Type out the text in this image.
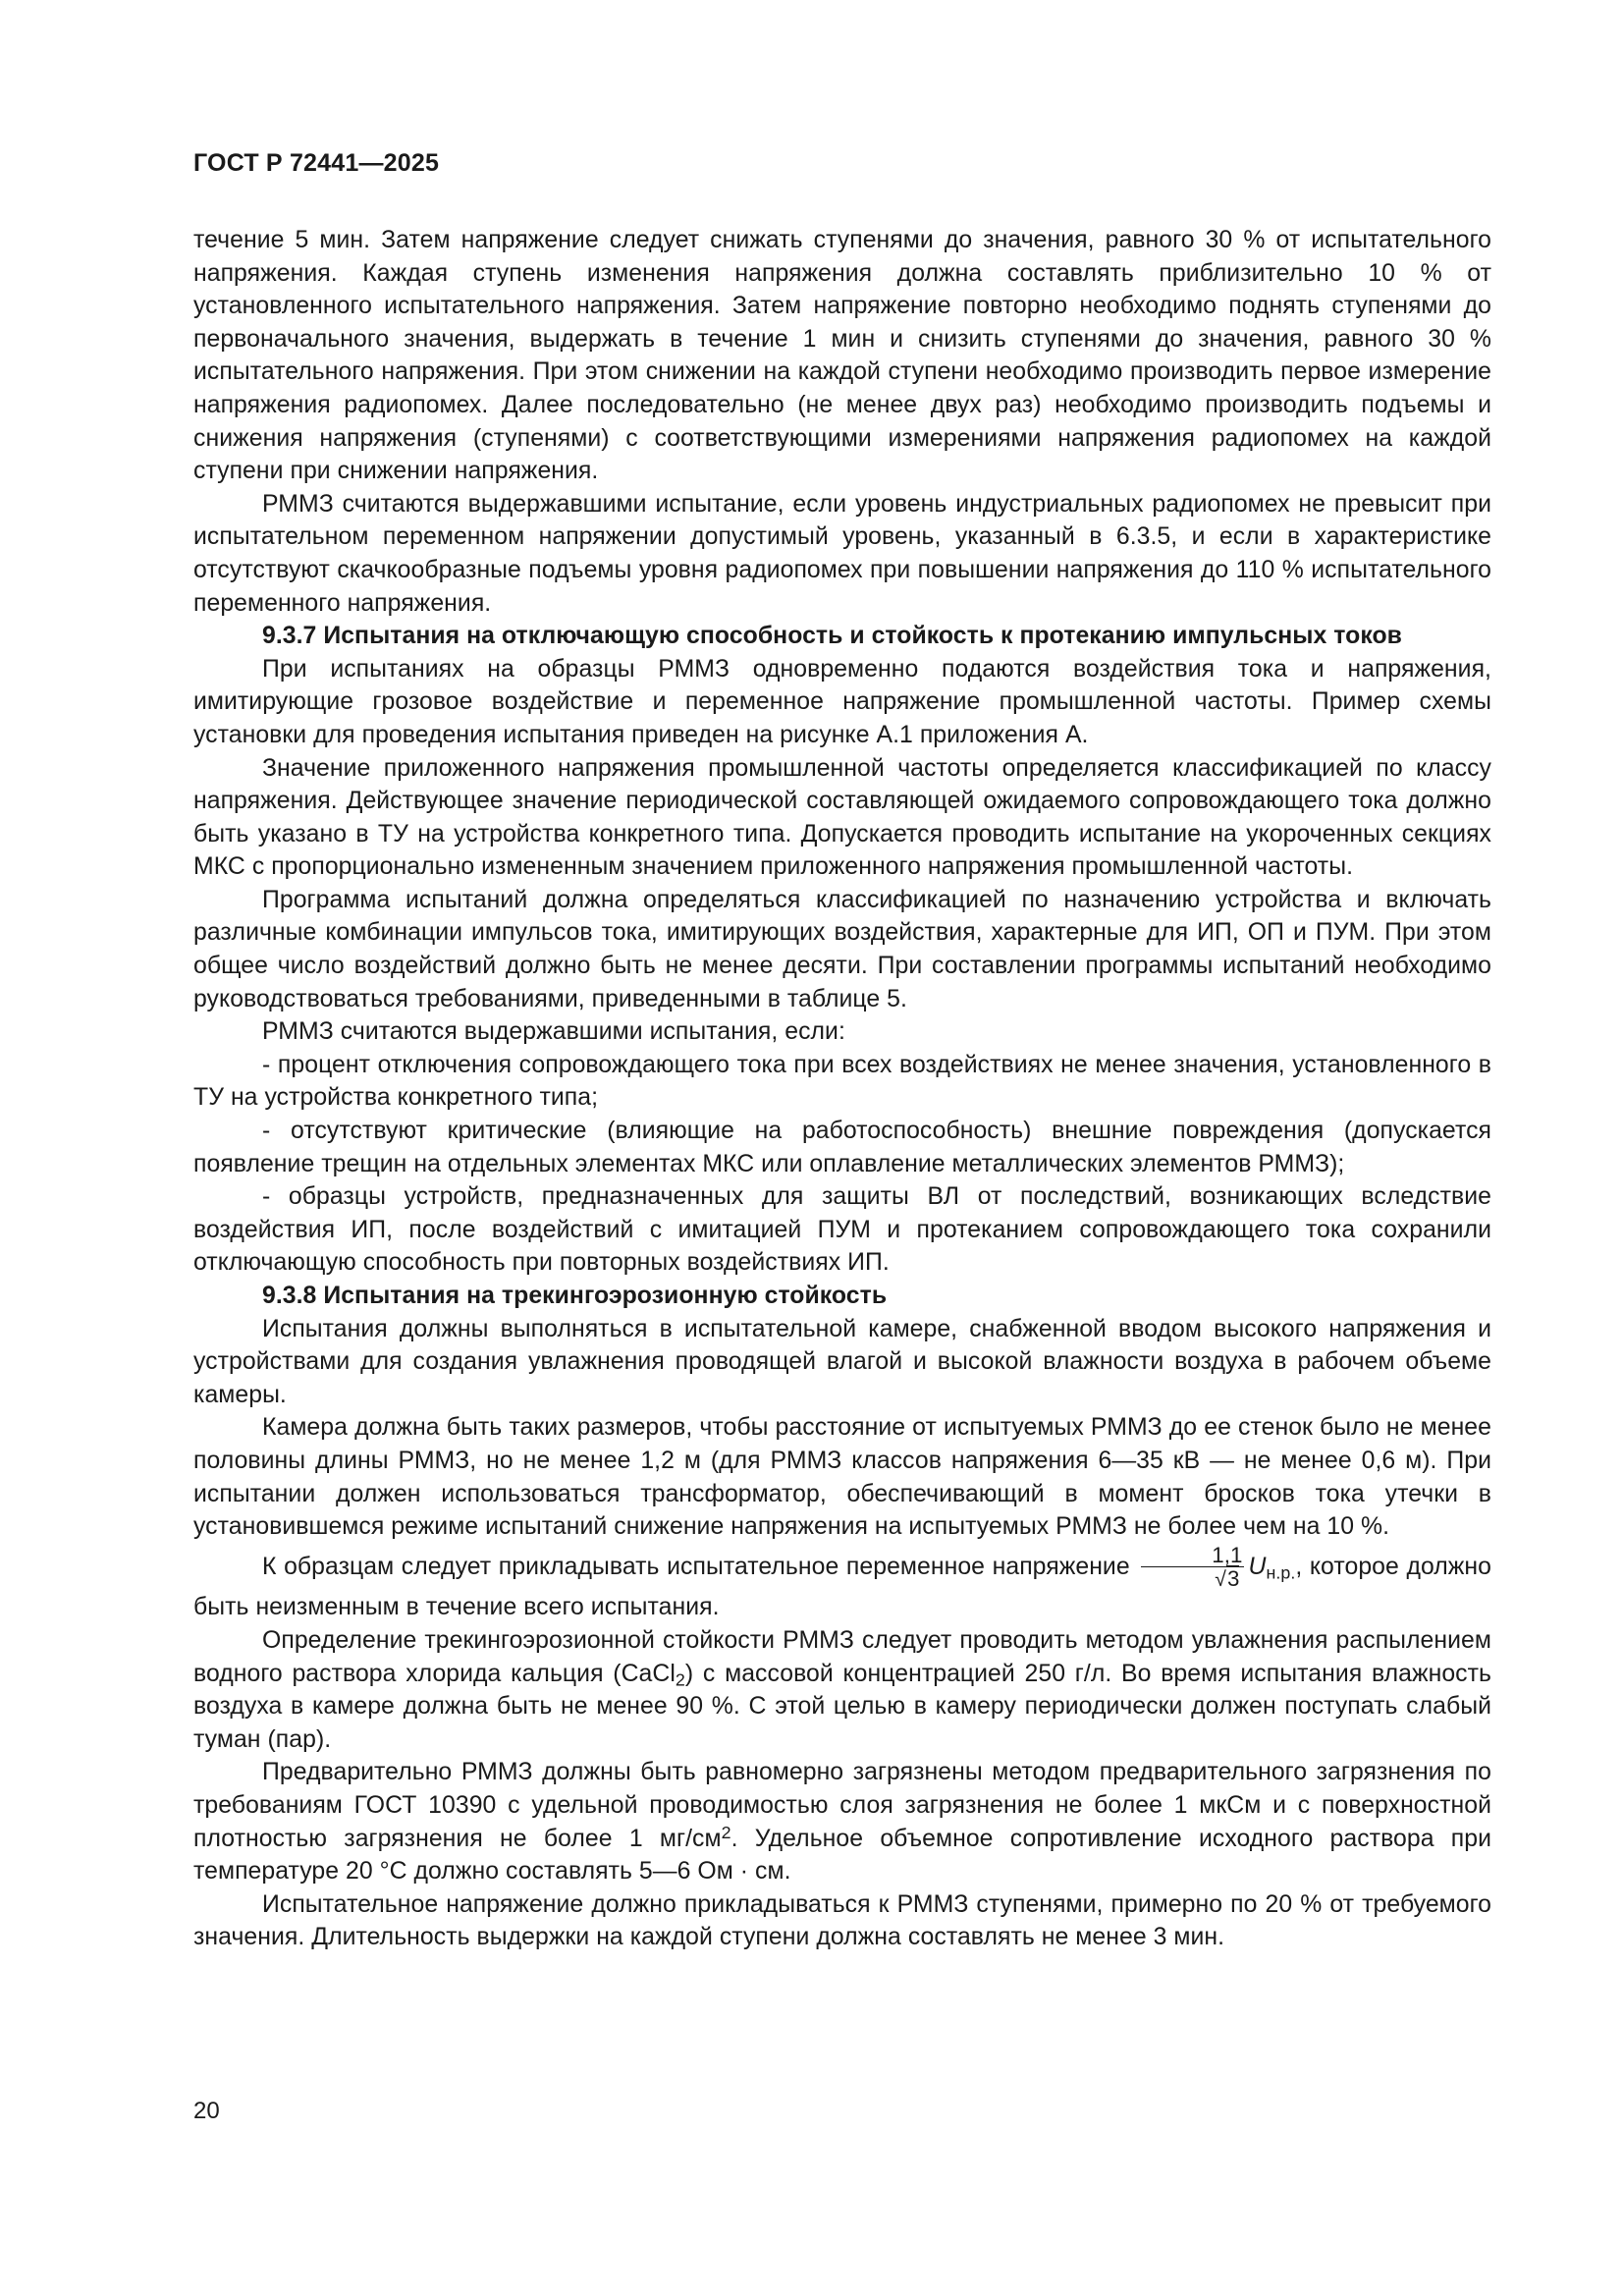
ГОСТ Р 72441—2025

течение 5 мин. Затем напряжение следует снижать ступенями до значения, равного 30 % от испытательного напряжения. Каждая ступень изменения напряжения должна составлять приблизительно 10 % от установленного испытательного напряжения. Затем напряжение повторно необходимо поднять ступенями до первоначального значения, выдержать в течение 1 мин и снизить ступенями до значения, равного 30 % испытательного напряжения. При этом снижении на каждой ступени необходимо производить первое измерение напряжения радиопомех. Далее последовательно (не менее двух раз) необходимо производить подъемы и снижения напряжения (ступенями) с соответствующими измерениями напряжения радиопомех на каждой ступени при снижении напряжения.

РММЗ считаются выдержавшими испытание, если уровень индустриальных радиопомех не превысит при испытательном переменном напряжении допустимый уровень, указанный в 6.3.5, и если в характеристике отсутствуют скачкообразные подъемы уровня радиопомех при повышении напряжения до 110 % испытательного переменного напряжения.

9.3.7 Испытания на отключающую способность и стойкость к протеканию импульсных токов

При испытаниях на образцы РММЗ одновременно подаются воздействия тока и напряжения, имитирующие грозовое воздействие и переменное напряжение промышленной частоты. Пример схемы установки для проведения испытания приведен на рисунке А.1 приложения А.

Значение приложенного напряжения промышленной частоты определяется классификацией по классу напряжения. Действующее значение периодической составляющей ожидаемого сопровождающего тока должно быть указано в ТУ на устройства конкретного типа. Допускается проводить испытание на укороченных секциях МКС с пропорционально измененным значением приложенного напряжения промышленной частоты.

Программа испытаний должна определяться классификацией по назначению устройства и включать различные комбинации импульсов тока, имитирующих воздействия, характерные для ИП, ОП и ПУМ. При этом общее число воздействий должно быть не менее десяти. При составлении программы испытаний необходимо руководствоваться требованиями, приведенными в таблице 5.

РММЗ считаются выдержавшими испытания, если:

- процент отключения сопровождающего тока при всех воздействиях не менее значения, установленного в ТУ на устройства конкретного типа;

- отсутствуют критические (влияющие на работоспособность) внешние повреждения (допускается появление трещин на отдельных элементах МКС или оплавление металлических элементов РММЗ);

- образцы устройств, предназначенных для защиты ВЛ от последствий, возникающих вследствие воздействия ИП, после воздействий с имитацией ПУМ и протеканием сопровождающего тока сохранили отключающую способность при повторных воздействиях ИП.

9.3.8 Испытания на трекингоэрозионную стойкость

Испытания должны выполняться в испытательной камере, снабженной вводом высокого напряжения и устройствами для создания увлажнения проводящей влагой и высокой влажности воздуха в рабочем объеме камеры.

Камера должна быть таких размеров, чтобы расстояние от испытуемых РММЗ до ее стенок было не менее половины длины РММЗ, но не менее 1,2 м (для РММЗ классов напряжения 6—35 кВ — не менее 0,6 м). При испытании должен использоваться трансформатор, обеспечивающий в момент бросков тока утечки в установившемся режиме испытаний снижение напряжения на испытуемых РММЗ не более чем на 10 %.

К образцам следует прикладывать испытательное переменное напряжение $\frac{1,1}{√3} U_{н.р.}$, которое должно быть неизменным в течение всего испытания.

Определение трекингоэрозионной стойкости РММЗ следует проводить методом увлажнения распылением водного раствора хлорида кальция (CaCl$_2$) с массовой концентрацией 250 г/л. Во время испытания влажность воздуха в камере должна быть не менее 90 %. С этой целью в камеру периодически должен поступать слабый туман (пар).

Предварительно РММЗ должны быть равномерно загрязнены методом предварительного загрязнения по требованиям ГОСТ 10390 с удельной проводимостью слоя загрязнения не более 1 мкСм и с поверхностной плотностью загрязнения не более 1 $мг/см^2$. Удельное объемное сопротивление исходного раствора при температуре 20 °С должно составлять 5—6 Ом · см.

Испытательное напряжение должно прикладываться к РММЗ ступенями, примерно по 20 % от требуемого значения. Длительность выдержки на каждой ступени должна составлять не менее 3 мин.

20
